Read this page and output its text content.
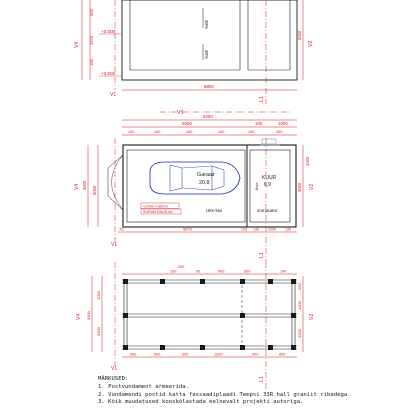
30%
30%
+3.000
+3.000
500
2475
100
V4
5000
V2
V1
L1
6800
V3
8200
6000	100	1000
120	100	100	100	100	100
Garaaz
20,8
KUUR
6,9
Kuur
Uks-kivi	immutator
V.000=+300.0
SURAM.RAUD.kiv
5000
3000
V4	3000
1000
V2
70	5670	120 130	1000	130
V1
L1
100
200
50	900	600	100
1000
3000
4000
V4
200
1000
3000
V2
300	600	600	1200	900	800
V1
L1
MÄRKUSED:
1. Postvundament armeerida.
2. Vundamendi postid katta fassaadiplaadi Tempsi 33R hall graniit ribadega.
3. Kõik muudatused kooskõlastada eelnevalt projekti autoriga.
